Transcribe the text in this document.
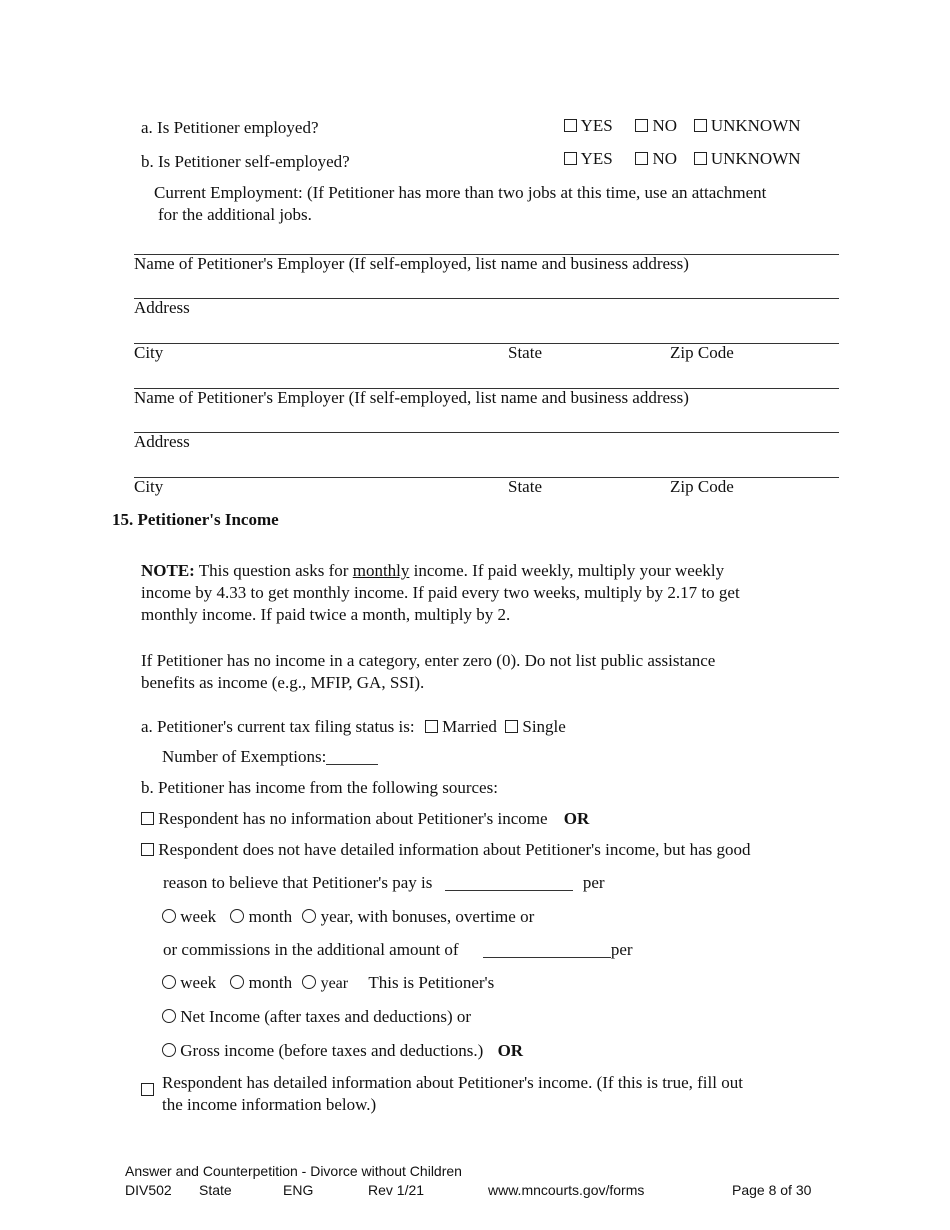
a. Is Petitioner employed?	YES NO UNKNOWN
b. Is Petitioner self-employed?	YES NO UNKNOWN
Current Employment: (If Petitioner has more than two jobs at this time, use an attachment
for the additional jobs.
Name of Petitioner's Employer (If self-employed, list name and business address)
Address
City	State	Zip Code
Name of Petitioner's Employer (If self-employed, list name and business address)
Address
City	State	Zip Code
15. Petitioner's Income
NOTE: This question asks for monthly income. If paid weekly, multiply your weekly
income by 4.33 to get monthly income. If paid every two weeks, multiply by 2.17 to get
monthly income. If paid twice a month, multiply by 2.
If Petitioner has no income in a category, enter zero (0). Do not list public assistance
benefits as income (e.g., MFIP, GA, SSI).
a. Petitioner's current tax filing status is: Married Single
Number of Exemptions:
b. Petitioner has income from the following sources:
Respondent has no information about Petitioner's income OR
Respondent does not have detailed information about Petitioner's income, but has good
reason to believe that Petitioner's pay is	per
week month year, with bonuses, overtime or
or commissions in the additional amount of	per
week month year This is Petitioner's
Net Income (after taxes and deductions) or
Gross income (before taxes and deductions.) OR
Respondent has detailed information about Petitioner's income. (If this is true, fill out
the income information below.)
Answer and Counterpetition - Divorce without Children
DIV502 State	ENG	Rev 1/21	www.mncourts.gov/forms	Page 8 of 30
